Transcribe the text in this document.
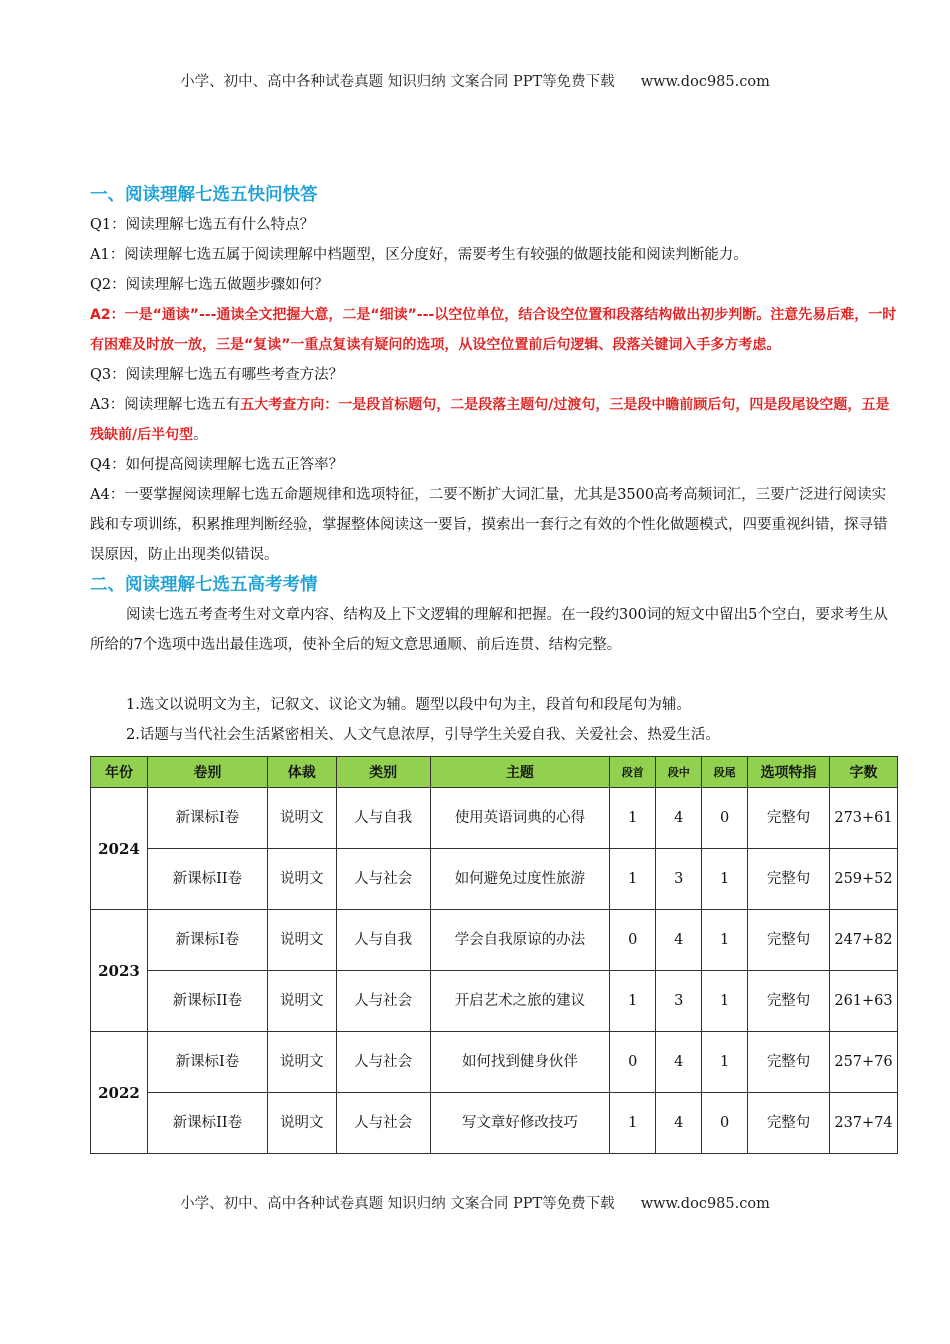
小学、初中、高中各种试卷真题 知识归纳 文案合同 PPT等免费下载 www.doc985.com
一、阅读理解七选五快问快答

Q1：阅读理解七选五有什么特点？

A1：阅读理解七选五属于阅读理解中档题型，区分度好，需要考生有较强的做题技能和阅读判断能力。

Q2：阅读理解七选五做题步骤如何？

A2：一是“通读”---通读全文把握大意，二是“细读”---以空位单位，结合设空位置和段落结构做出初步判断。注意先易后难，一时有困难及时放一放，三是“复读”一重点复读有疑问的选项，从设空位置前后句逻辑、段落关键词入手多方考虑。

Q3：阅读理解七选五有哪些考查方法？

A3：阅读理解七选五有五大考查方向：一是段首标题句，二是段落主题句/过渡句，三是段中瞻前顾后句，四是段尾设空题，五是残缺前/后半句型。

Q4：如何提高阅读理解七选五正答率？

A4：一要掌握阅读理解七选五命题规律和选项特征，二要不断扩大词汇量，尤其是3500高考高频词汇，三要广泛进行阅读实践和专项训练，积累推理判断经验，掌握整体阅读这一要旨，摸索出一套行之有效的个性化做题模式，四要重视纠错，探寻错误原因，防止出现类似错误。

二、阅读理解七选五高考考情

阅读七选五考查考生对文章内容、结构及上下文逻辑的理解和把握。在一段约300词的短文中留出5个空白，要求考生从所给的7个选项中选出最佳选项，使补全后的短文意思通顺、前后连贯、结构完整。

1.选文以说明文为主，记叙文、议论文为辅。题型以段中句为主，段首句和段尾句为辅。

2.话题与当代社会生活紧密相关、人文气息浓厚，引导学生关爱自我、关爱社会、热爱生活。

年份	卷别	体裁	类别	主题	段首	段中	段尾	选项特指	字数
2024	新课标I卷	说明文	人与自我	使用英语词典的心得	1	4	0	完整句	273+61
	新课标II卷	说明文	人与社会	如何避免过度性旅游	1	3	1	完整句	259+52
2023	新课标I卷	说明文	人与自我	学会自我原谅的办法	0	4	1	完整句	247+82
	新课标II卷	说明文	人与社会	开启艺术之旅的建议	1	3	1	完整句	261+63
2022	新课标I卷	说明文	人与社会	如何找到健身伙伴	0	4	1	完整句	257+76
	新课标II卷	说明文	人与社会	写文章好修改技巧	1	4	0	完整句	237+74
小学、初中、高中各种试卷真题 知识归纳 文案合同 PPT等免费下载 www.doc985.com
